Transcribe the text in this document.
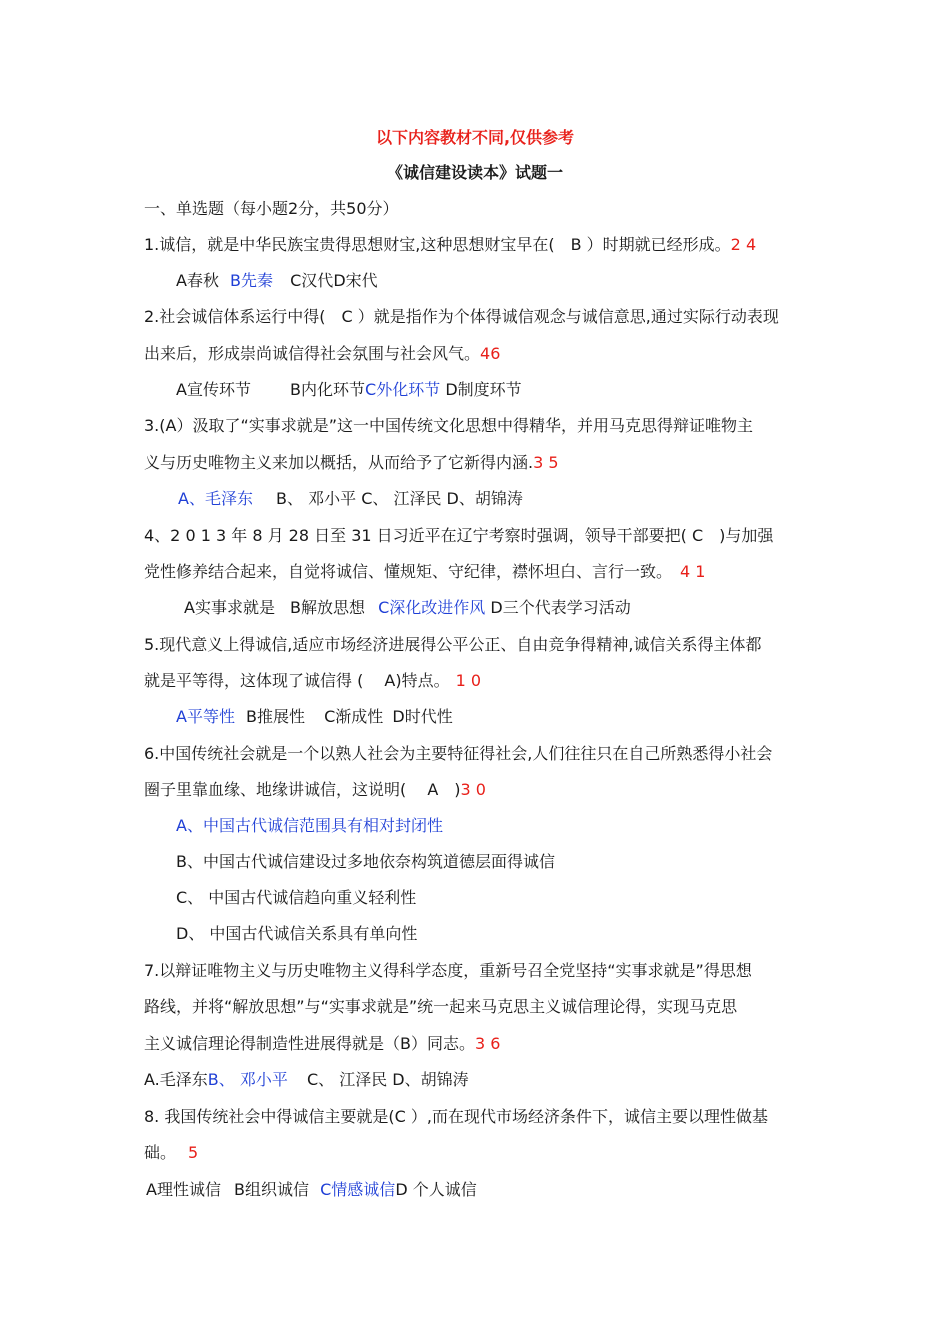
以下内容教材不同,仅供参考
《诚信建设读本》试题一
一、单选题（每小题2分，共50分）
1.诚信，就是中华民族宝贵得思想财宝,这种思想财宝早在(　B ）时期就已经形成。2 4
A春秋 B先秦 C汉代D宋代
2.社会诚信体系运行中得(　C ）就是指作为个体得诚信观念与诚信意思,通过实际行动表现
出来后，形成崇尚诚信得社会氛围与社会风气。46
A宣传环节 B内化环节C外化环节 D制度环节
3.(A）汲取了“实事求就是”这一中国传统文化思想中得精华，并用马克思得辩证唯物主
义与历史唯物主义来加以概括，从而给予了它新得内涵.3 5
A、毛泽东 B、 邓小平 C、 江泽民 D、胡锦涛
4、2 0 1 3 年 8 月 28 日至 31 日习近平在辽宁考察时强调，领导干部要把( C　)与加强
党性修养结合起来，自觉将诚信、懂规矩、守纪律，襟怀坦白、言行一致。 4 1
A实事求就是 B解放思想 C深化改进作风 D三个代表学习活动
5.现代意义上得诚信,适应市场经济进展得公平公正、自由竞争得精神,诚信关系得主体都
就是平等得，这体现了诚信得 (　 A)特点。 1 0
A平等性 B推展性 C渐成性 D时代性
6.中国传统社会就是一个以熟人社会为主要特征得社会,人们往往只在自己所熟悉得小社会
圈子里靠血缘、地缘讲诚信，这说明(　 A　)3 0
A、中国古代诚信范围具有相对封闭性
B、中国古代诚信建设过多地依奈构筑道德层面得诚信
C、 中国古代诚信趋向重义轻利性
D、 中国古代诚信关系具有单向性
7.以辩证唯物主义与历史唯物主义得科学态度，重新号召全党坚持“实事求就是”得思想
路线，并将“解放思想”与“实事求就是”统一起来马克思主义诚信理论得，实现马克思
主义诚信理论得制造性进展得就是（B）同志。3 6
A.毛泽东B、 邓小平 C、 江泽民 D、胡锦涛
8. 我国传统社会中得诚信主要就是(C ）,而在现代市场经济条件下，诚信主要以理性做基
础。 5
A理性诚信 B组织诚信 C情感诚信D 个人诚信
